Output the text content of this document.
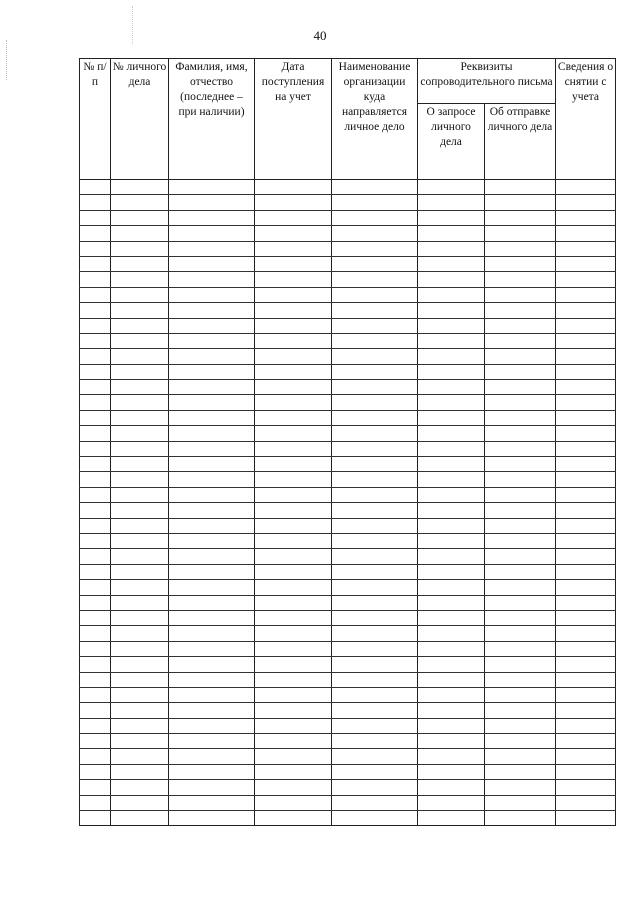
40
№ п/п	№ личного дела	Фамилия, имя, отчество (последнее – при наличии)	Дата поступления на учет	Наименование организации куда направляется личное дело	Реквизиты сопроводительного письма		Сведения о снятии с учета
					О запросе личного дела	Об отправке личного дела	
